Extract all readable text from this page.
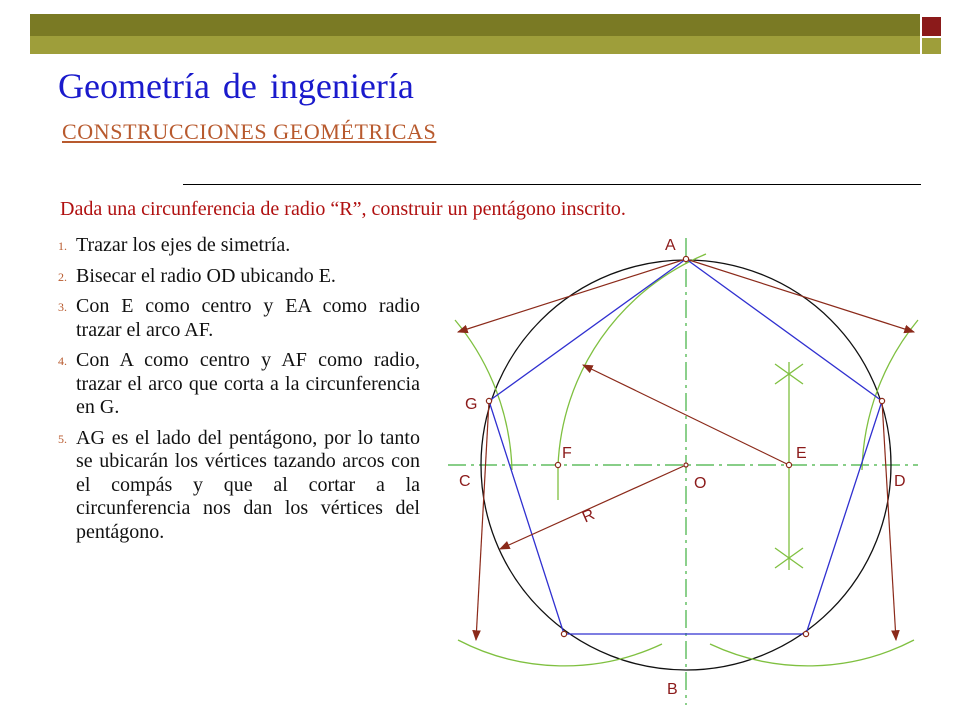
Geometría de ingeniería
CONSTRUCCIONES GEOMÉTRICAS
Dada una circunferencia de radio “R”, construir un pentágono inscrito.
1. Trazar los ejes de simetría.
2. Bisecar el radio OD ubicando E.
3. Con E como centro y EA como radio trazar el arco AF.
4. Con A como centro y AF como radio, trazar el arco que corta a la circunferencia en G.
5. AG es el lado del pentágono, por lo tanto se ubicarán los vértices tazando arcos con el compás y que al cortar a la circunferencia nos dan los vértices del pentágono.
A
B
C	D
E
F
G
O
R
